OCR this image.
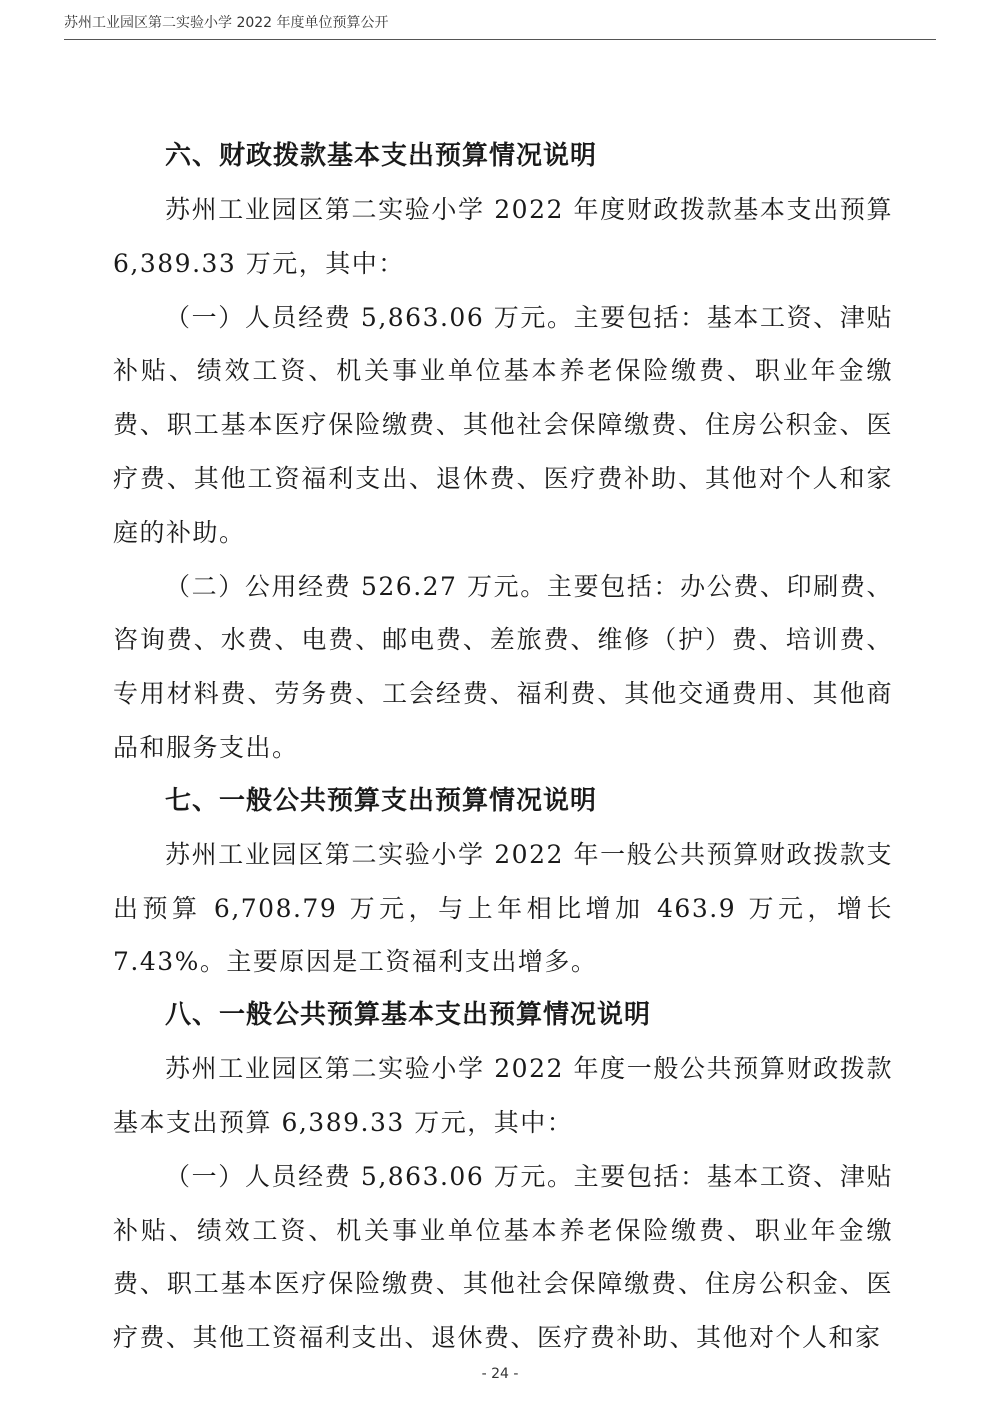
苏州工业园区第二实验小学 2022 年度单位预算公开
六、财政拨款基本支出预算情况说明

苏州工业园区第二实验小学 2022 年度财政拨款基本支出预算 6,389.33 万元，其中：

（一）人员经费 5,863.06 万元。主要包括：基本工资、津贴补贴、绩效工资、机关事业单位基本养老保险缴费、职业年金缴费、职工基本医疗保险缴费、其他社会保障缴费、住房公积金、医疗费、其他工资福利支出、退休费、医疗费补助、其他对个人和家庭的补助。

（二）公用经费 526.27 万元。主要包括：办公费、印刷费、咨询费、水费、电费、邮电费、差旅费、维修（护）费、培训费、专用材料费、劳务费、工会经费、福利费、其他交通费用、其他商品和服务支出。

七、一般公共预算支出预算情况说明

苏州工业园区第二实验小学 2022 年一般公共预算财政拨款支出预算 6,708.79 万元，与上年相比增加 463.9 万元，增长 7.43%。主要原因是工资福利支出增多。

八、一般公共预算基本支出预算情况说明

苏州工业园区第二实验小学 2022 年度一般公共预算财政拨款基本支出预算 6,389.33 万元，其中：

（一）人员经费 5,863.06 万元。主要包括：基本工资、津贴补贴、绩效工资、机关事业单位基本养老保险缴费、职业年金缴费、职工基本医疗保险缴费、其他社会保障缴费、住房公积金、医疗费、其他工资福利支出、退休费、医疗费补助、其他对个人和家

- 24 -
